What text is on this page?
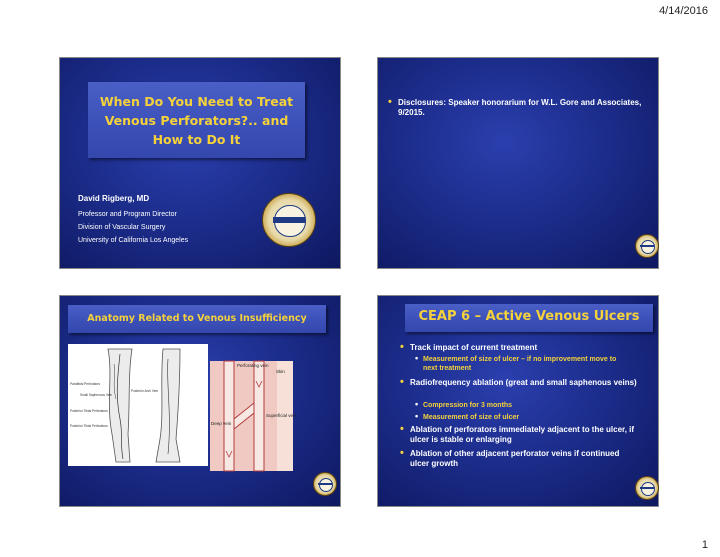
4/14/2016
When Do You Need to Treat Venous Perforators?.. and How to Do It
David Rigberg, MD
Professor and Program Director
Division of Vascular Surgery
University of California Los Angeles
• Disclosures: Speaker honorarium for W.L. Gore and Associates, 9/2015.
Anatomy Related to Venous Insufficiency
Paratibial Perforators
Small Saphenous Vein
Posterior Arch Vein
Posterior Tibial Perforators
Posterior Tibial Perforators
Perforating vein
Skin
Superficial vein
Deep vein
CEAP 6 – Active Venous Ulcers
• Track impact of current treatment
• Measurement of size of ulcer – if no improvement move to next treatment
• Radiofrequency ablation (great and small saphenous veins)
• Compression for 3 months
• Measurement of size of ulcer
• Ablation of perforators immediately adjacent to the ulcer, if ulcer is stable or enlarging
• Ablation of other adjacent perforator veins if continued ulcer growth
1
